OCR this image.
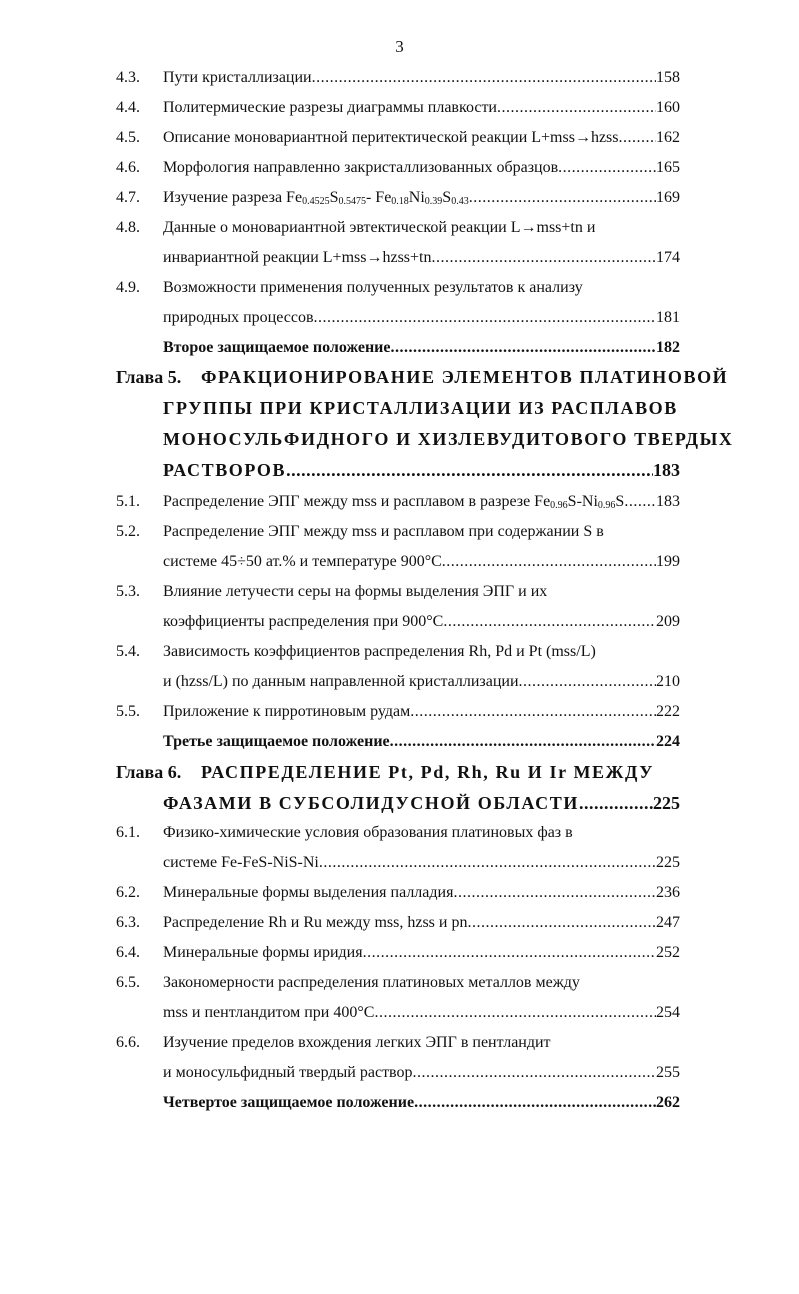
3
4.3.	Пути кристаллизации .....	158
4.4.	Политермические разрезы диаграммы плавкости .....	160
4.5.	Описание моновариантной перитектической реакции L+mss→hzss ..... 162
4.6.	Морфология направленно закристаллизованных образцов .....	165
4.7.	Изучение разреза $Fe_{0.4525}S_{0.5475}-$ $Fe_{0.18}Ni_{0.39}S_{0.43}$ .....	169
4.8.	Данные о моновариантной эвтектической реакции L→mss+tn и
инвариантной реакции L+mss→hzss+tn .....	174
4.9.	Возможности применения полученных результатов к анализу
природных процессов .....	181
Второе защищаемое положение .....	182
Глава 5. ФРАКЦИОНИРОВАНИЕ ЭЛЕМЕНТОВ ПЛАТИНОВОЙ
ГРУППЫ ПРИ КРИСТАЛЛИЗАЦИИ ИЗ РАСПЛАВОВ
МОНОСУЛЬФИДНОГО И ХИЗЛЕВУДИТОВОГО ТВЕРДЫХ
РАСТВОРОВ .....	183
5.1.	Распределение ЭПГ между mss и расплавом в разрезе $Fe_{0.96}S-Ni_{0.96}S$ ..... 183
5.2.	Распределение ЭПГ между mss и расплавом при содержании S в
системе 45÷50 ат.% и температуре 900°С .....	199
5.3.	Влияние летучести серы на формы выделения ЭПГ и их
коэффициенты распределения при 900°С .....	209
5.4.	Зависимость коэффициентов распределения Rh, Pd и Pt (mss/L)
и (hzss/L) по данным направленной кристаллизации .....	210
5.5.	Приложение к пирротиновым рудам .....	222
Третье защищаемое положение .....	224
Глава 6. РАСПРЕДЕЛЕНИЕ Pt, Pd, Rh, Ru И Ir МЕЖДУ
ФАЗАМИ В СУБСОЛИДУСНОЙ ОБЛАСТИ .....	225
6.1.	Физико-химические условия образования платиновых фаз в
системе Fe-FeS-NiS-Ni .....	225
6.2.	Минеральные формы выделения палладия .....	236
6.3.	Распределение Rh и Ru между mss, hzss и pn .....	247
6.4.	Минеральные формы иридия .....	252
6.5.	Закономерности распределения платиновых металлов между
mss и пентландитом при 400°С .....	254
6.6.	Изучение пределов вхождения легких ЭПГ в пентландит
и моносульфидный твердый раствор .....	255
Четвертое защищаемое положение .....	262
